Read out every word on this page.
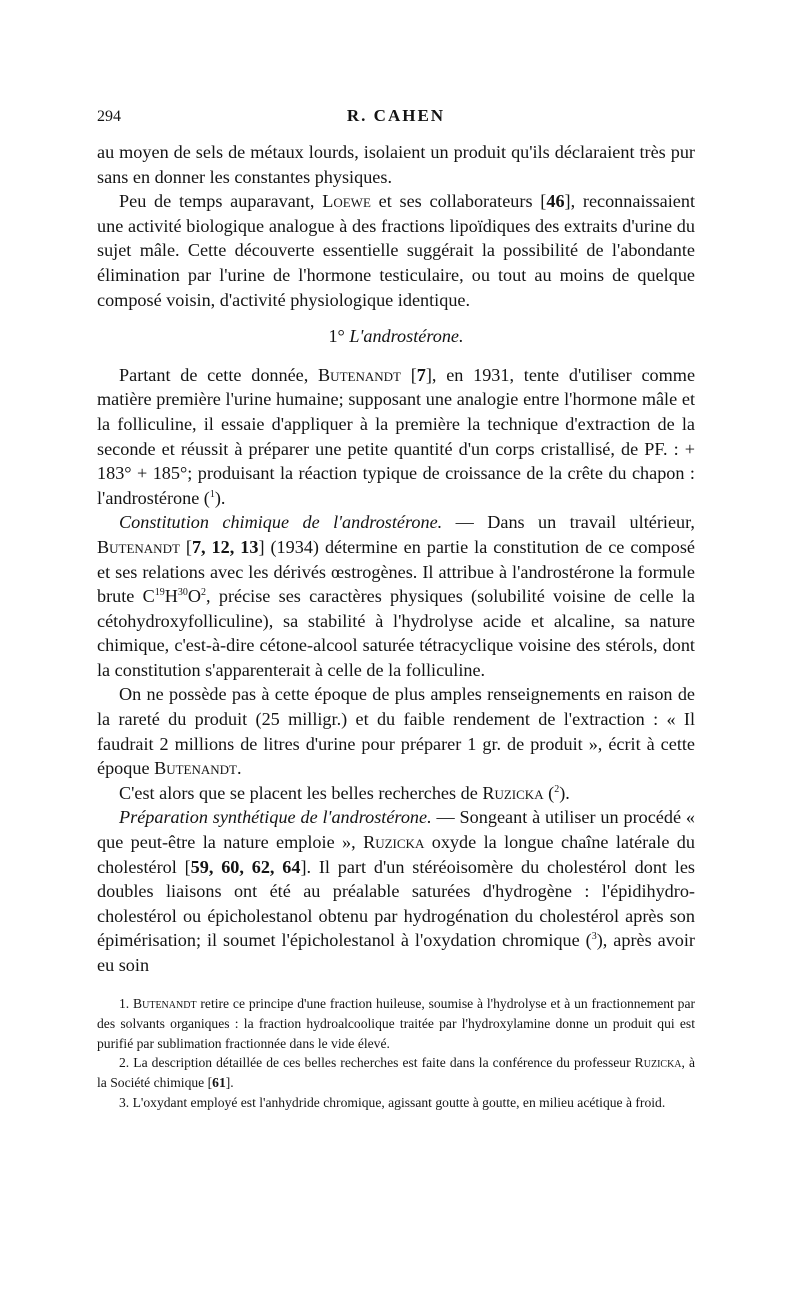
294	R. CAHEN

au moyen de sels de métaux lourds, isolaient un produit qu'ils déclaraient très pur sans en donner les constantes physiques.

Peu de temps auparavant, Loewe et ses collaborateurs [46], reconnaissaient une activité biologique analogue à des fractions lipoïdiques des extraits d'urine du sujet mâle. Cette découverte essentielle suggérait la possibilité de l'abondante élimination par l'urine de l'hormone testiculaire, ou tout au moins de quelque composé voisin, d'activité physiologique identique.

1° L'androstérone.

Partant de cette donnée, Butenandt [7], en 1931, tente d'utiliser comme matière première l'urine humaine; supposant une analogie entre l'hormone mâle et la folliculine, il essaie d'appliquer à la première la technique d'extraction de la seconde et réussit à préparer une petite quantité d'un corps cristallisé, de PF. : + 183° + 185°; produisant la réaction typique de croissance de la crête du chapon : l'androstérone ($^1$).

Constitution chimique de l'androstérone. — Dans un travail ultérieur, Butenandt [7, 12, 13] (1934) détermine en partie la constitution de ce composé et ses relations avec les dérivés œstrogènes. Il attribue à l'androstérone la formule brute $C^{19}H^{30}O^2$, précise ses caractères physiques (solubilité voisine de celle la cétohydroxyfolliculine), sa stabilité à l'hydrolyse acide et alcaline, sa nature chimique, c'est-à-dire cétone-alcool saturée tétracyclique voisine des stérols, dont la constitution s'apparenterait à celle de la folliculine.

On ne possède pas à cette époque de plus amples renseignements en raison de la rareté du produit (25 milligr.) et du faible rendement de l'extraction : « Il faudrait 2 millions de litres d'urine pour préparer 1 gr. de produit », écrit à cette époque Butenandt.

C'est alors que se placent les belles recherches de Ruzicka ($^2$).

Préparation synthétique de l'androstérone. — Songeant à utiliser un procédé « que peut-être la nature emploie », Ruzicka oxyde la longue chaîne latérale du cholestérol [59, 60, 62, 64]. Il part d'un stéréoisomère du cholestérol dont les doubles liaisons ont été au préalable saturées d'hydrogène : l'épidihydro-cholestérol ou épicholestanol obtenu par hydrogénation du cholestérol après son épimérisation; il soumet l'épicholestanol à l'oxydation chromique ($^3$), après avoir eu soin

1. Butenandt retire ce principe d'une fraction huileuse, soumise à l'hydrolyse et à un fractionnement par des solvants organiques : la fraction hydroalcoolique traitée par l'hydroxylamine donne un produit qui est purifié par sublimation fractionnée dans le vide élevé.

2. La description détaillée de ces belles recherches est faite dans la conférence du professeur Ruzicka, à la Société chimique [61].

3. L'oxydant employé est l'anhydride chromique, agissant goutte à goutte, en milieu acétique à froid.
